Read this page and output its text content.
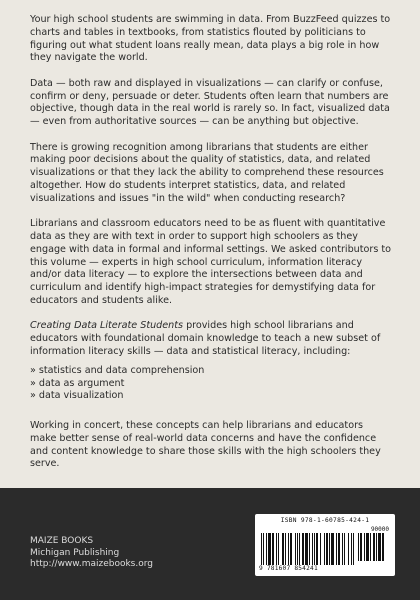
Your high school students are swimming in data. From BuzzFeed quizzes to charts and tables in textbooks, from statistics flouted by politicians to figuring out what student loans really mean, data plays a big role in how they navigate the world.

Data — both raw and displayed in visualizations — can clarify or confuse, confirm or deny, persuade or deter. Students often learn that numbers are objective, though data in the real world is rarely so. In fact, visualized data — even from authoritative sources — can be anything but objective.

There is growing recognition among librarians that students are either making poor decisions about the quality of statistics, data, and related visualizations or that they lack the ability to comprehend these resources altogether. How do students interpret statistics, data, and related visualizations and issues "in the wild" when conducting research?

Librarians and classroom educators need to be as fluent with quantitative data as they are with text in order to support high schoolers as they engage with data in formal and informal settings. We asked contributors to this volume — experts in high school curriculum, information literacy and/or data literacy — to explore the intersections between data and curriculum and identify high-impact strategies for demystifying data for educators and students alike.

Creating Data Literate Students provides high school librarians and educators with foundational domain knowledge to teach a new subset of information literacy skills — data and statistical literacy, including:

» statistics and data comprehension
» data as argument
» data visualization

Working in concert, these concepts can help librarians and educators make better sense of real-world data concerns and have the confidence and content knowledge to share those skills with the high schoolers they serve.

MAIZE BOOKS
Michigan Publishing
http://www.maizebooks.org
ISBN 978-1-60785-424-1
90000
9 781607 854241
